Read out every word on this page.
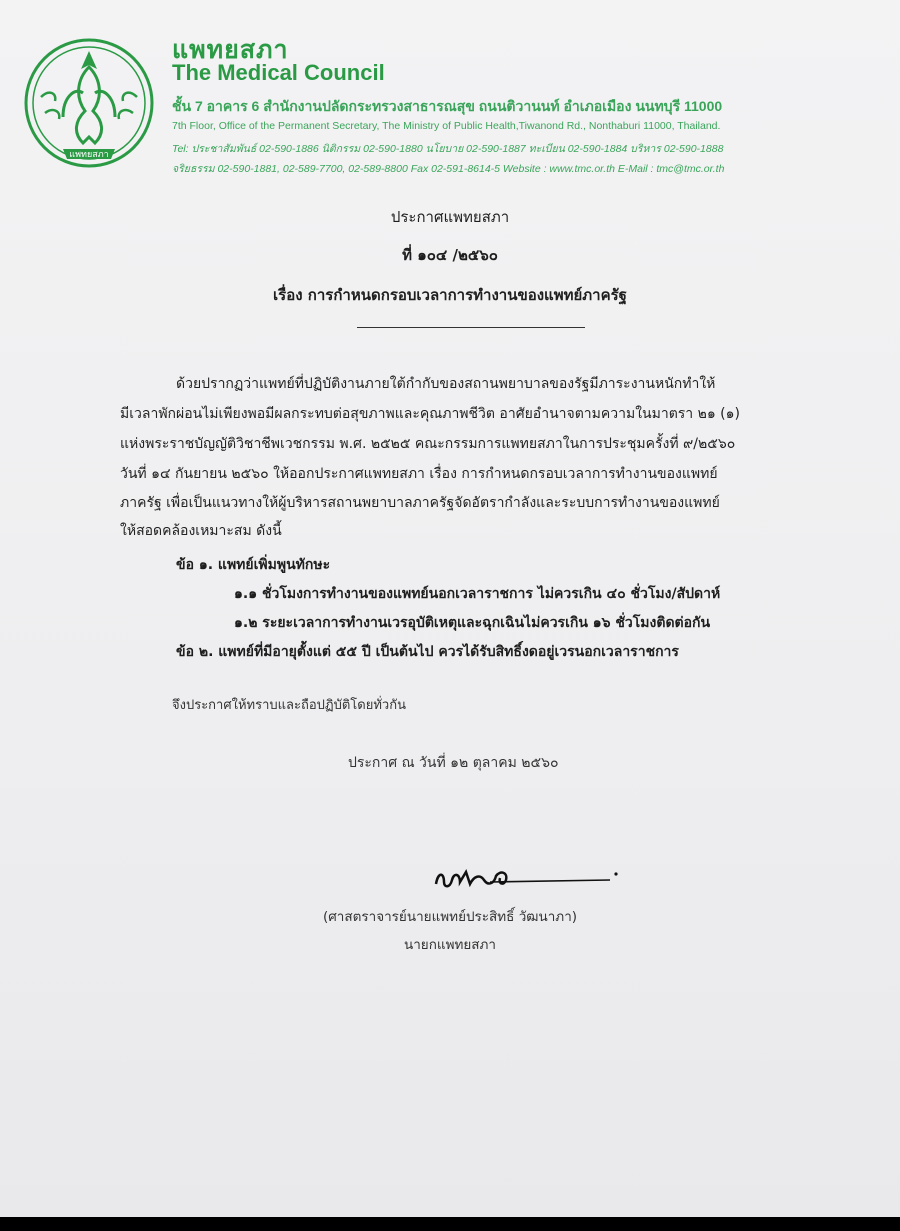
แพทยสภา
แพทยสภา
The Medical Council
ชั้น 7 อาคาร 6 สำนักงานปลัดกระทรวงสาธารณสุข ถนนติวานนท์ อำเภอเมือง นนทบุรี 11000
7th Floor, Office of the Permanent Secretary, The Ministry of Public Health,Tiwanond Rd., Nonthaburi 11000, Thailand.
Tel: ประชาสัมพันธ์ 02-590-1886 นิติกรรม 02-590-1880 นโยบาย 02-590-1887 ทะเบียน 02-590-1884 บริหาร 02-590-1888
จริยธรรม 02-590-1881, 02-589-7700, 02-589-8800 Fax 02-591-8614-5 Website : www.tmc.or.th E-Mail : tmc@tmc.or.th
ประกาศแพทยสภา
ที่ ๑๐๔ /๒๕๖๐
เรื่อง การกำหนดกรอบเวลาการทำงานของแพทย์ภาครัฐ
ด้วยปรากฏว่าแพทย์ที่ปฏิบัติงานภายใต้กำกับของสถานพยาบาลของรัฐมีภาระงานหนักทำให้
มีเวลาพักผ่อนไม่เพียงพอมีผลกระทบต่อสุขภาพและคุณภาพชีวิต อาศัยอำนาจตามความในมาตรา ๒๑ (๑)
แห่งพระราชบัญญัติวิชาชีพเวชกรรม พ.ศ. ๒๕๒๕ คณะกรรมการแพทยสภาในการประชุมครั้งที่ ๙/๒๕๖๐
วันที่ ๑๔ กันยายน ๒๕๖๐ ให้ออกประกาศแพทยสภา เรื่อง การกำหนดกรอบเวลาการทำงานของแพทย์
ภาครัฐ เพื่อเป็นแนวทางให้ผู้บริหารสถานพยาบาลภาครัฐจัดอัตรากำลังและระบบการทำงานของแพทย์
ให้สอดคล้องเหมาะสม ดังนี้
ข้อ ๑. แพทย์เพิ่มพูนทักษะ
๑.๑ ชั่วโมงการทำงานของแพทย์นอกเวลาราชการ ไม่ควรเกิน ๔๐ ชั่วโมง/สัปดาห์
๑.๒ ระยะเวลาการทำงานเวรอุบัติเหตุและฉุกเฉินไม่ควรเกิน ๑๖ ชั่วโมงติดต่อกัน
ข้อ ๒. แพทย์ที่มีอายุตั้งแต่ ๕๕ ปี เป็นต้นไป ควรได้รับสิทธิ์งดอยู่เวรนอกเวลาราชการ
จึงประกาศให้ทราบและถือปฏิบัติโดยทั่วกัน
ประกาศ ณ วันที่ ๑๒ ตุลาคม ๒๕๖๐
(ศาสตราจารย์นายแพทย์ประสิทธิ์ วัฒนาภา)
นายกแพทยสภา
